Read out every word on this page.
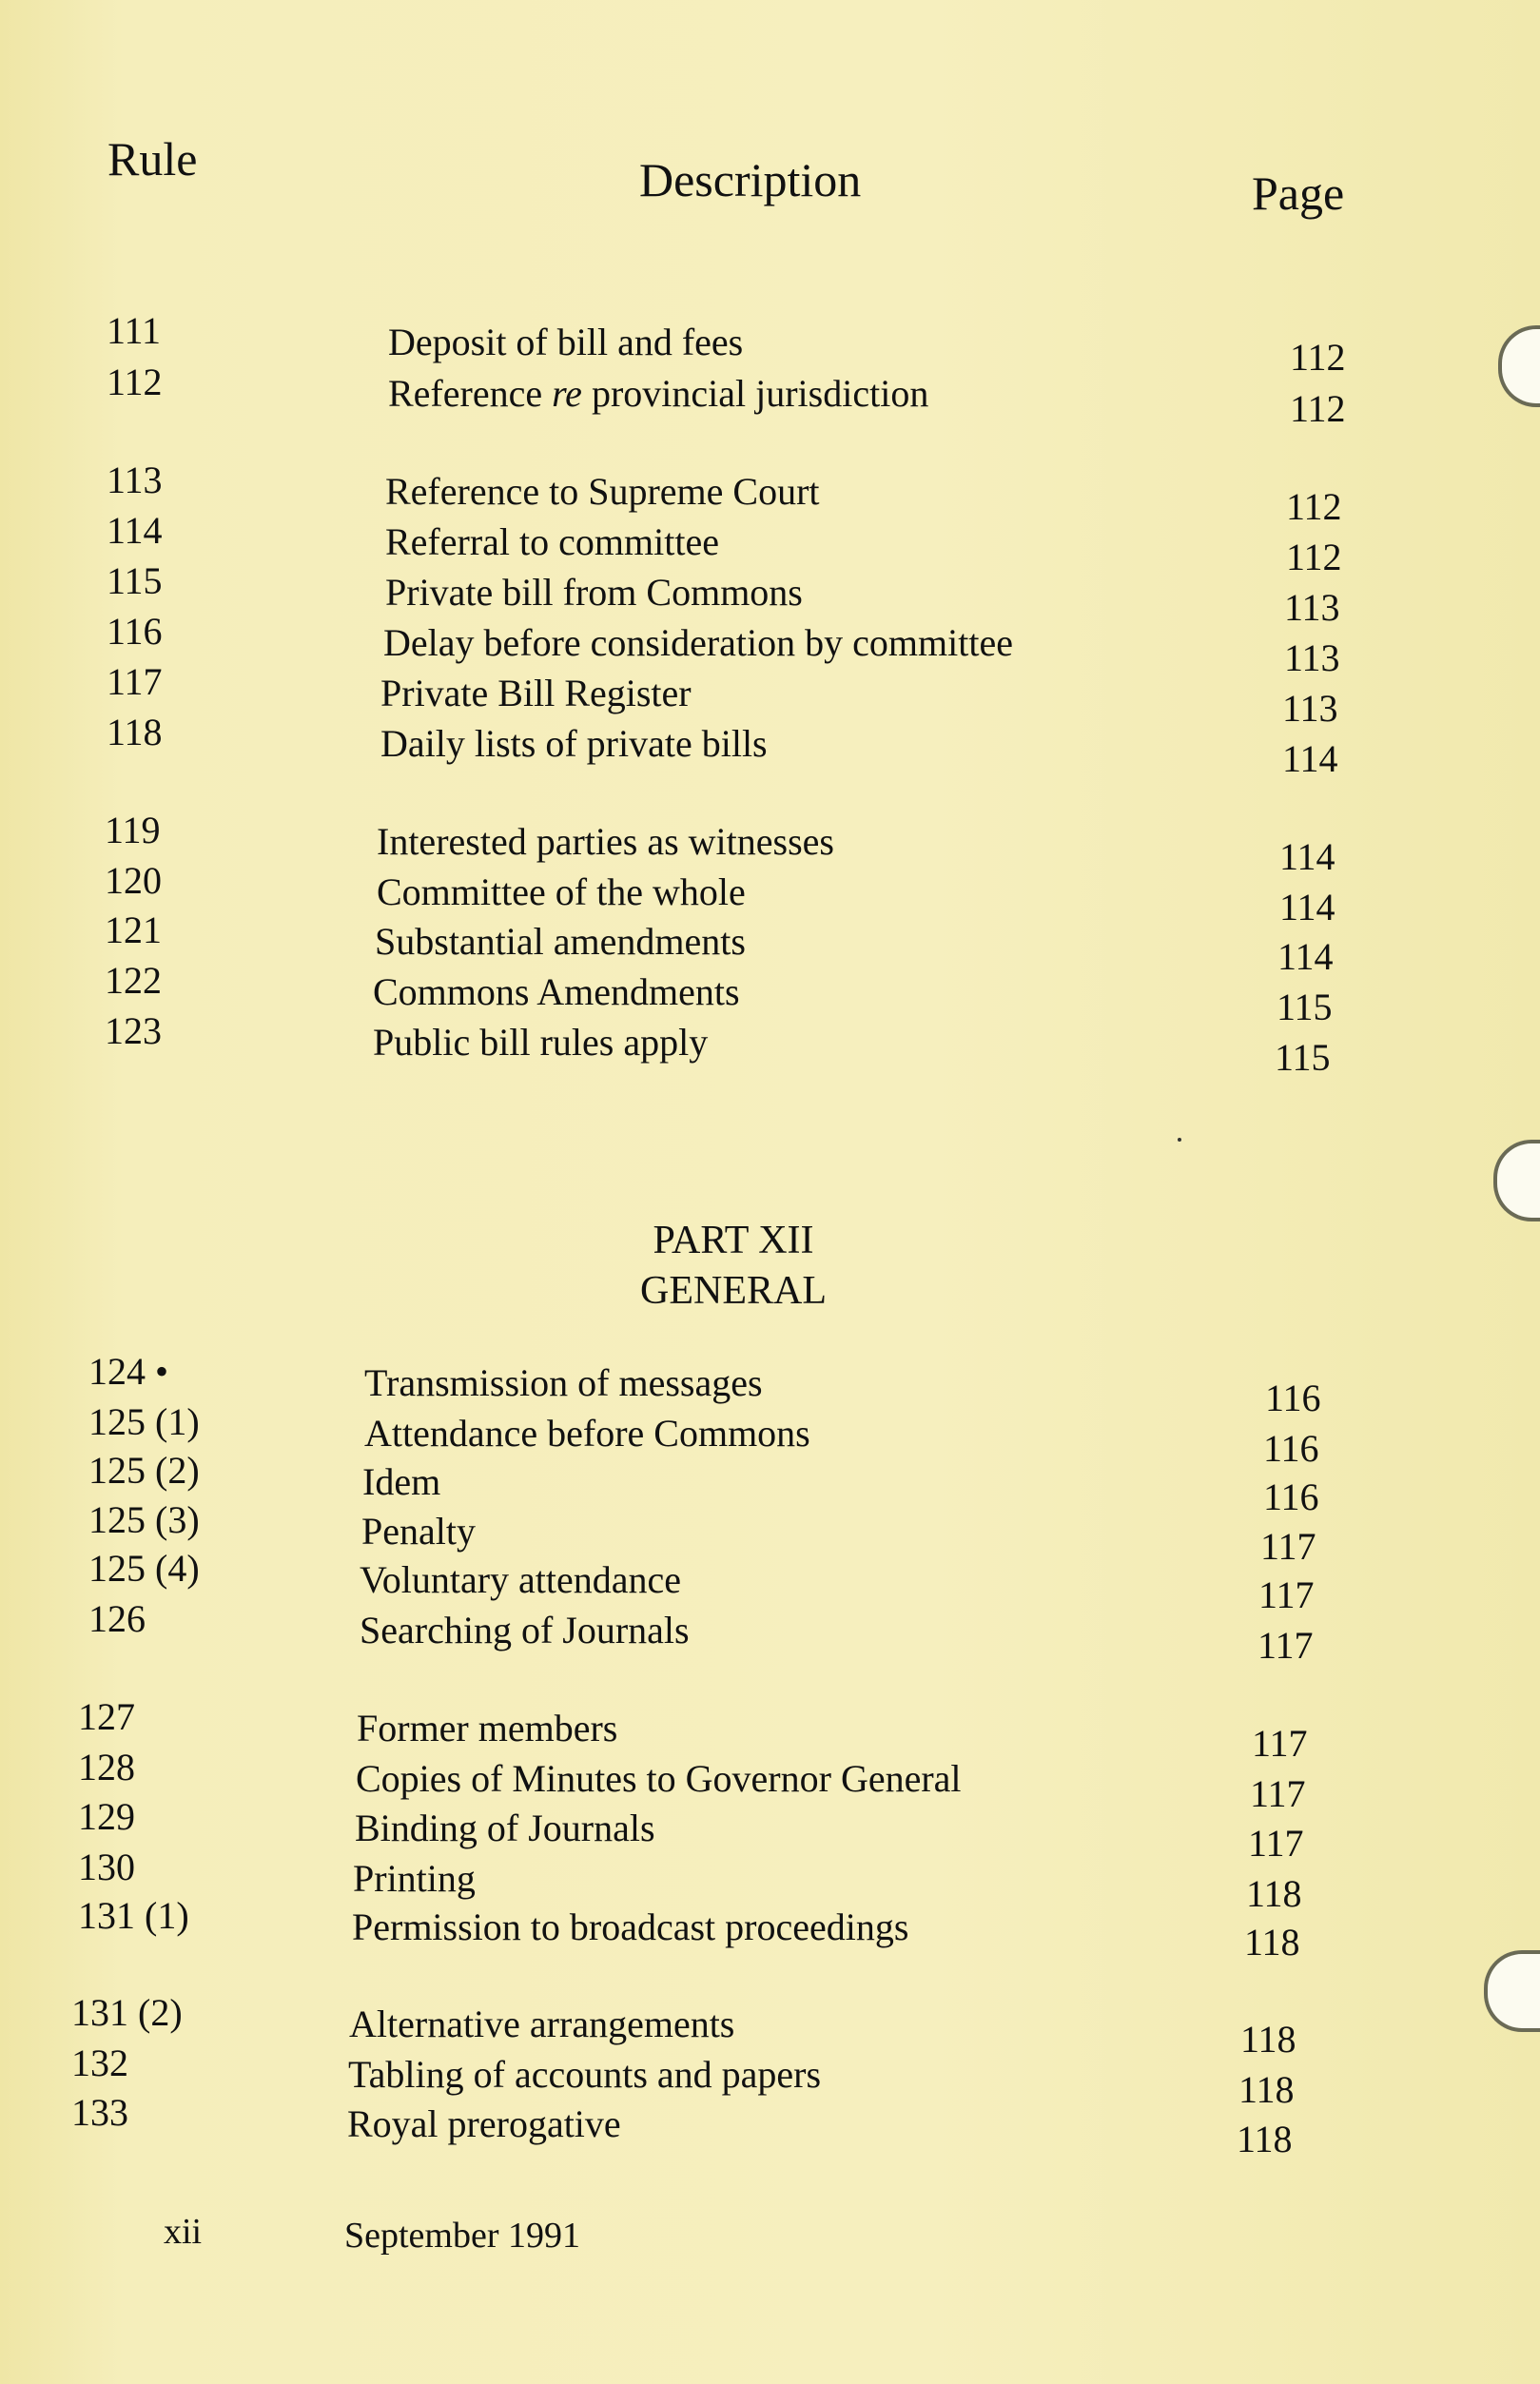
Rule	Description	Page
111	Deposit of bill and fees	112
112	Reference re provincial jurisdiction	112
113	Reference to Supreme Court	112
114	Referral to committee	112
115	Private bill from Commons	113
116	Delay before consideration by committee	113
117	Private Bill Register	113
118	Daily lists of private bills	114
119	Interested parties as witnesses	114
120	Committee of the whole	114
121	Substantial amendments	114
122	Commons Amendments	115
123	Public bill rules apply	115
124 •	Transmission of messages	116
125 (1)	Attendance before Commons	116
125 (2)	Idem	116
125 (3)	Penalty	117
125 (4)	Voluntary attendance	117
126	Searching of Journals	117
127	Former members	117
128	Copies of Minutes to Governor General	117
129	Binding of Journals	117
130	Printing	118
131 (1)	Permission to broadcast proceedings	118
131 (2)	Alternative arrangements	118
132	Tabling of accounts and papers	118
133	Royal prerogative	118
PART XII
GENERAL
xii	September 1991
